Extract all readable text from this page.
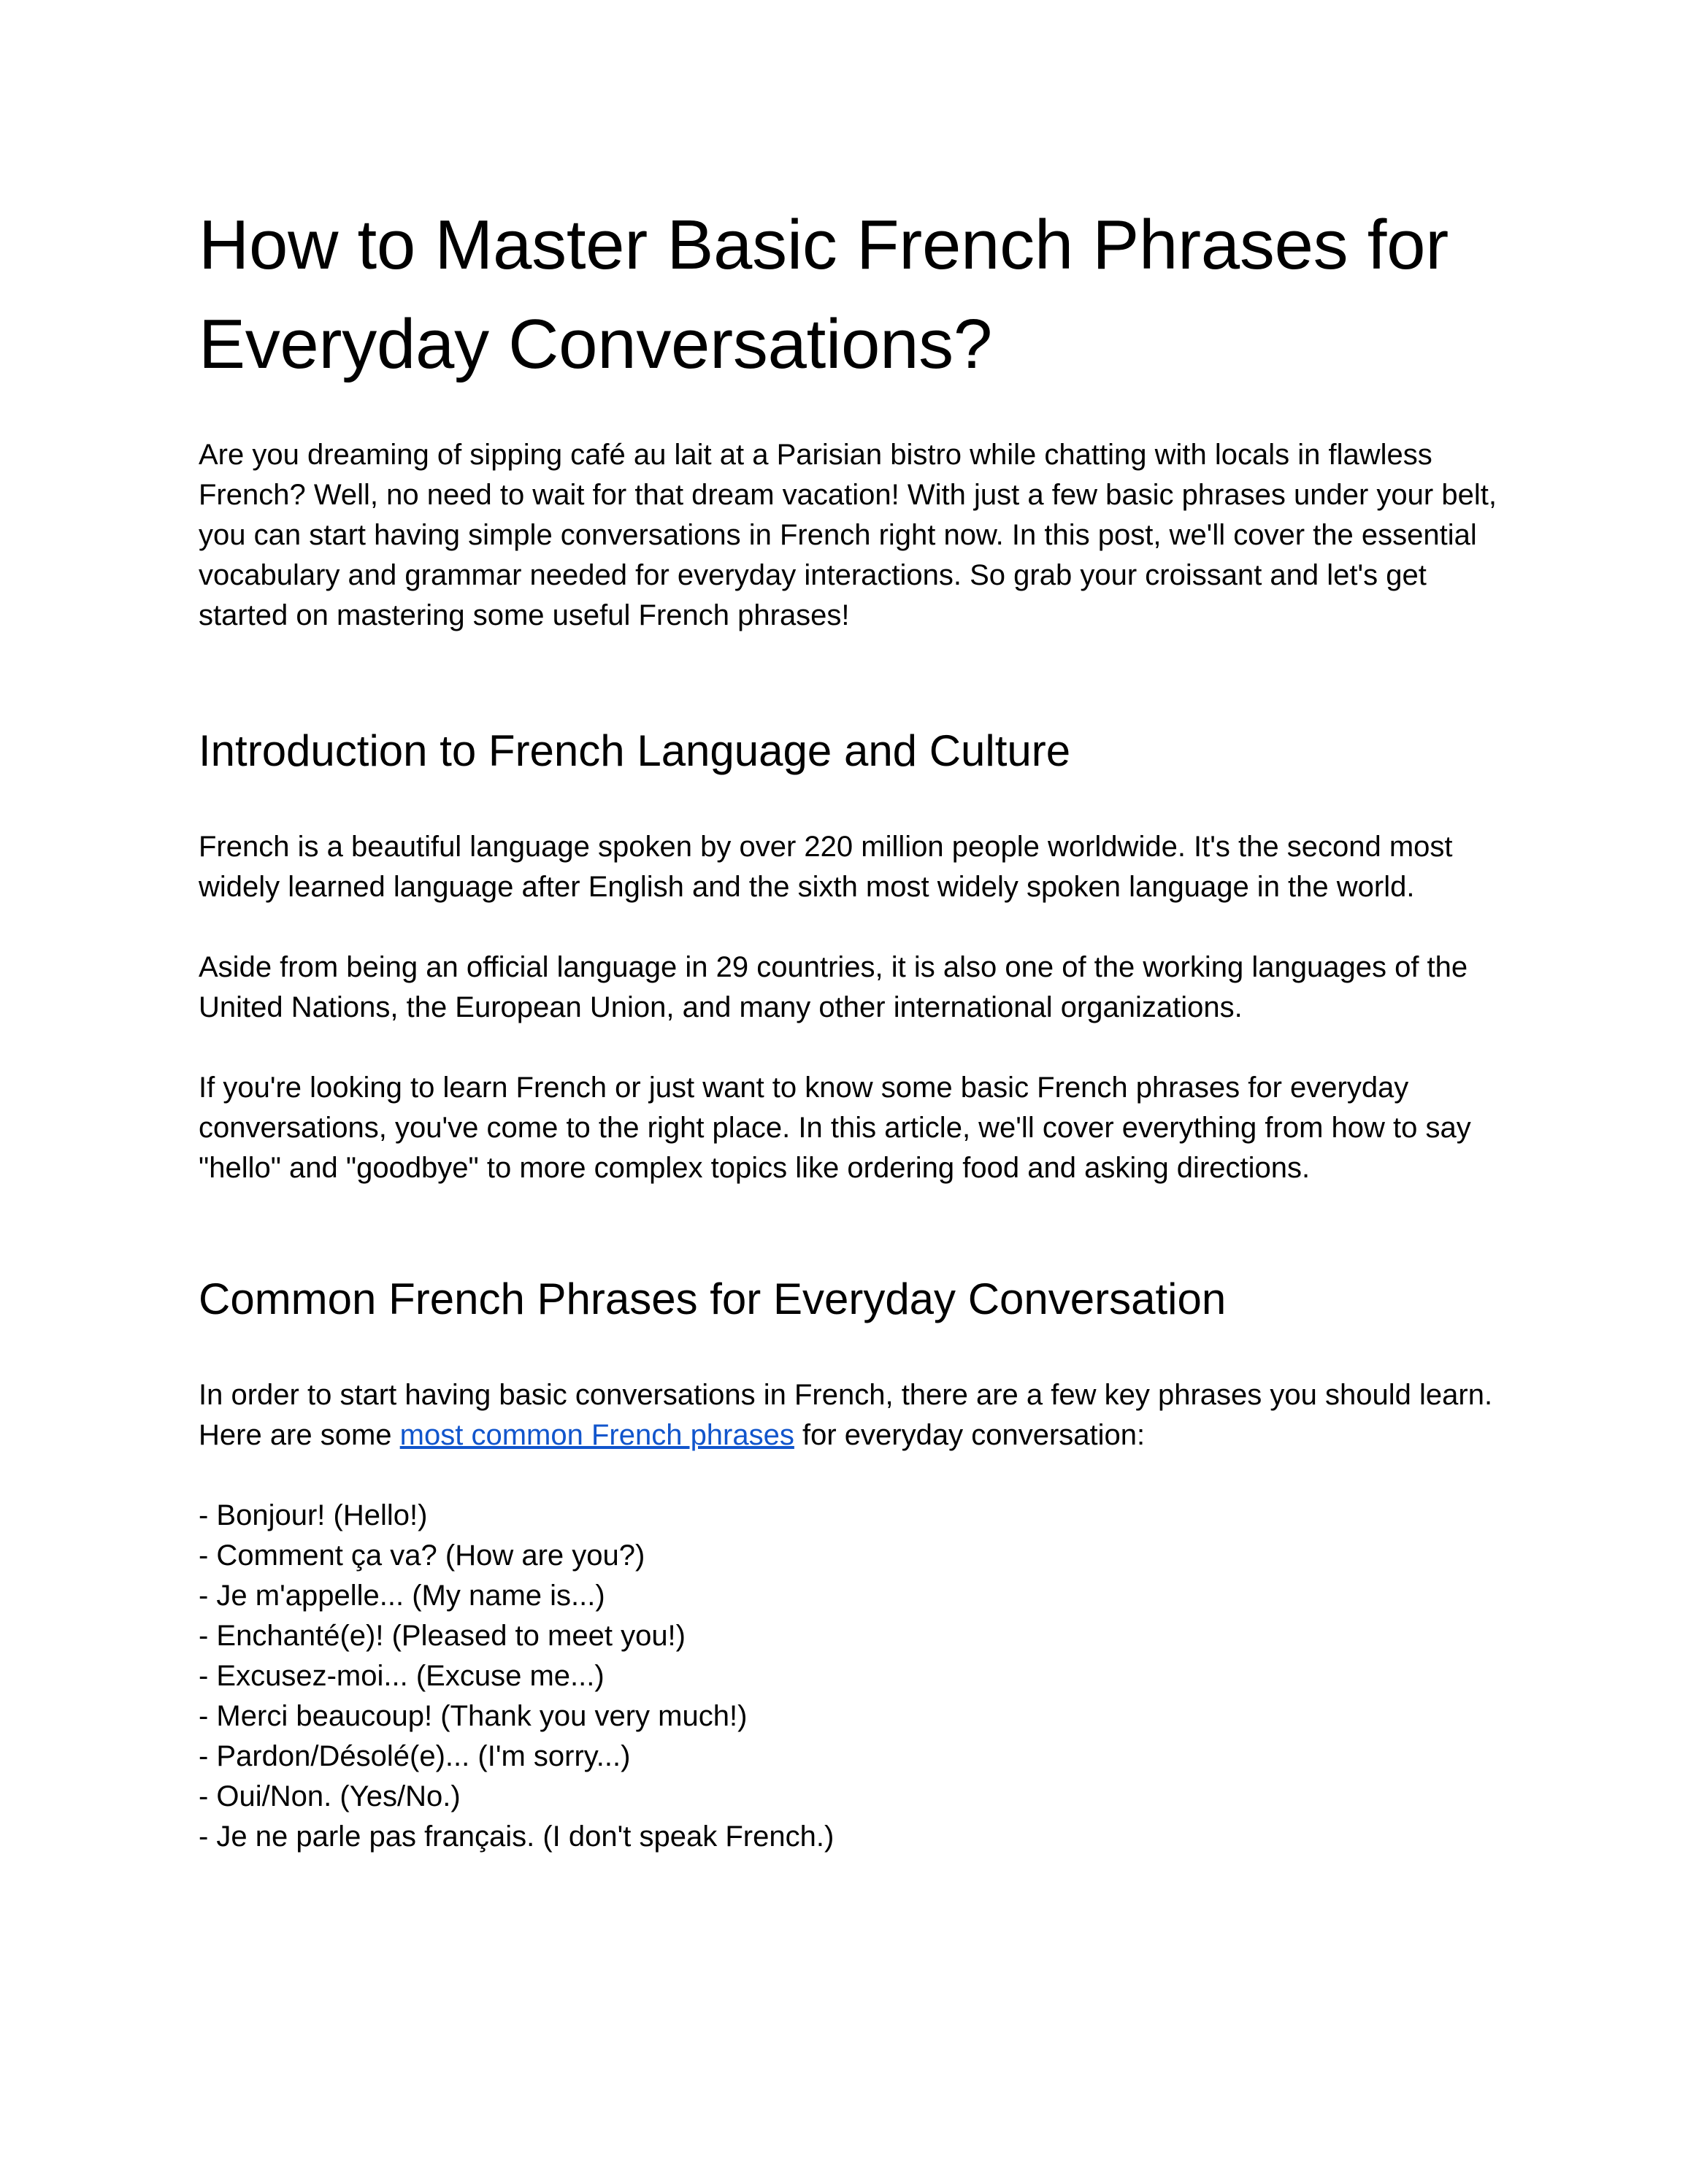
How to Master Basic French Phrases for Everyday Conversations?

Are you dreaming of sipping café au lait at a Parisian bistro while chatting with locals in flawless French? Well, no need to wait for that dream vacation! With just a few basic phrases under your belt, you can start having simple conversations in French right now. In this post, we'll cover the essential vocabulary and grammar needed for everyday interactions. So grab your croissant and let's get started on mastering some useful French phrases!

Introduction to French Language and Culture

French is a beautiful language spoken by over 220 million people worldwide. It's the second most widely learned language after English and the sixth most widely spoken language in the world.

Aside from being an official language in 29 countries, it is also one of the working languages of the United Nations, the European Union, and many other international organizations.

If you're looking to learn French or just want to know some basic French phrases for everyday conversations, you've come to the right place. In this article, we'll cover everything from how to say "hello" and "goodbye" to more complex topics like ordering food and asking directions.

Common French Phrases for Everyday Conversation

In order to start having basic conversations in French, there are a few key phrases you should learn. Here are some most common French phrases for everyday conversation:

- Bonjour! (Hello!)
- Comment ça va? (How are you?)
- Je m'appelle... (My name is...)
- Enchanté(e)! (Pleased to meet you!)
- Excusez-moi... (Excuse me...)
- Merci beaucoup! (Thank you very much!)
- Pardon/Désolé(e)... (I'm sorry...)
- Oui/Non. (Yes/No.)
- Je ne parle pas français. (I don't speak French.)
